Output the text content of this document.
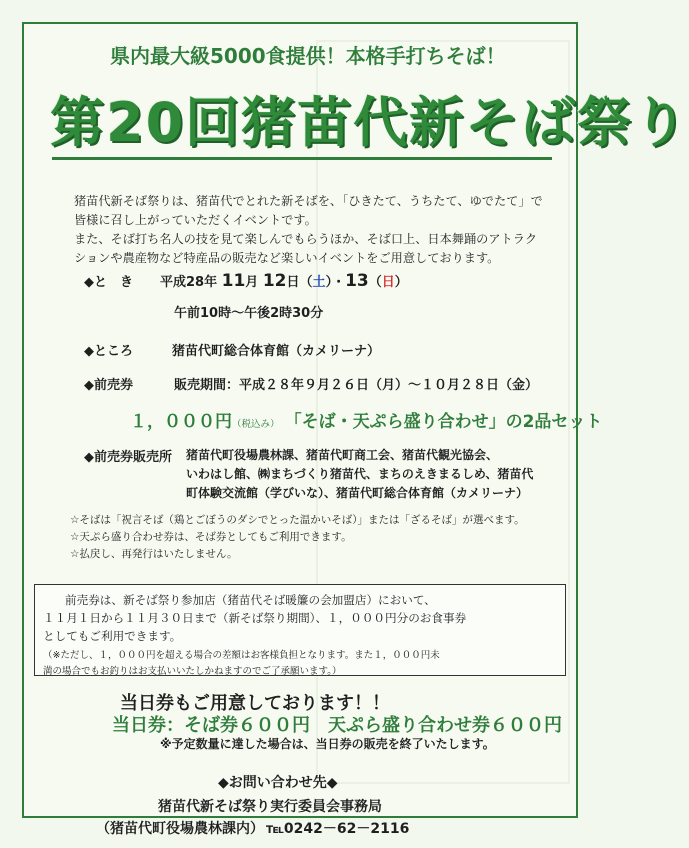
県内最大級5000食提供！本格手打ちそば！
第20回猪苗代新そば祭り
猪苗代新そば祭りは、猪苗代でとれた新そばを、「ひきたて、うちたて、ゆでたて」で
皆様に召し上がっていただくイベントです。
また、そば打ち名人の技を見て楽しんでもらうほか、そば口上、日本舞踊のアトラク
ションや農産物など特産品の販売など楽しいイベントをご用意しております。
◆と　き 平成28年 11月 12日（土）・13（日）
午前10時～午後2時30分
◆ところ	猪苗代町総合体育館（カメリーナ）
◆前売券	販売期間：平成２８年９月２６日（月）～１０月２８日（金）
１，０００円（税込み） 「そば・天ぷら盛り合わせ」の2品セット
◆前売券販売所 猪苗代町役場農林課、猪苗代町商工会、猪苗代観光協会、
いわはし館、㈱まちづくり猪苗代、まちのえきまるしめ、猪苗代
町体験交流館（学びいな）、猪苗代町総合体育館（カメリーナ）
☆そばは「祝言そば（鶏とごぼうのダシでとった温かいそば）」または「ざるそば」が選べます。
☆天ぷら盛り合わせ券は、そば券としてもご利用できます。
☆払戻し、再発行はいたしません。
前売券は、新そば祭り参加店（猪苗代そば暖簾の会加盟店）において、
１１月１日から１１月３０日まで（新そば祭り期間）、１，０００円分のお食事券
としてもご利用できます。
（※ただし、１，０００円を超える場合の差額はお客様負担となります。また１，０００円未
満の場合でもお釣りはお支払いいたしかねますのでご了承願います。）
当日券もご用意しております！！
当日券：そば券６００円　天ぷら盛り合わせ券６００円
※予定数量に達した場合は、当日券の販売を終了いたします。
◆お問い合わせ先◆
猪苗代新そば祭り実行委員会事務局
（猪苗代町役場農林課内） ℡0242－62－2116
